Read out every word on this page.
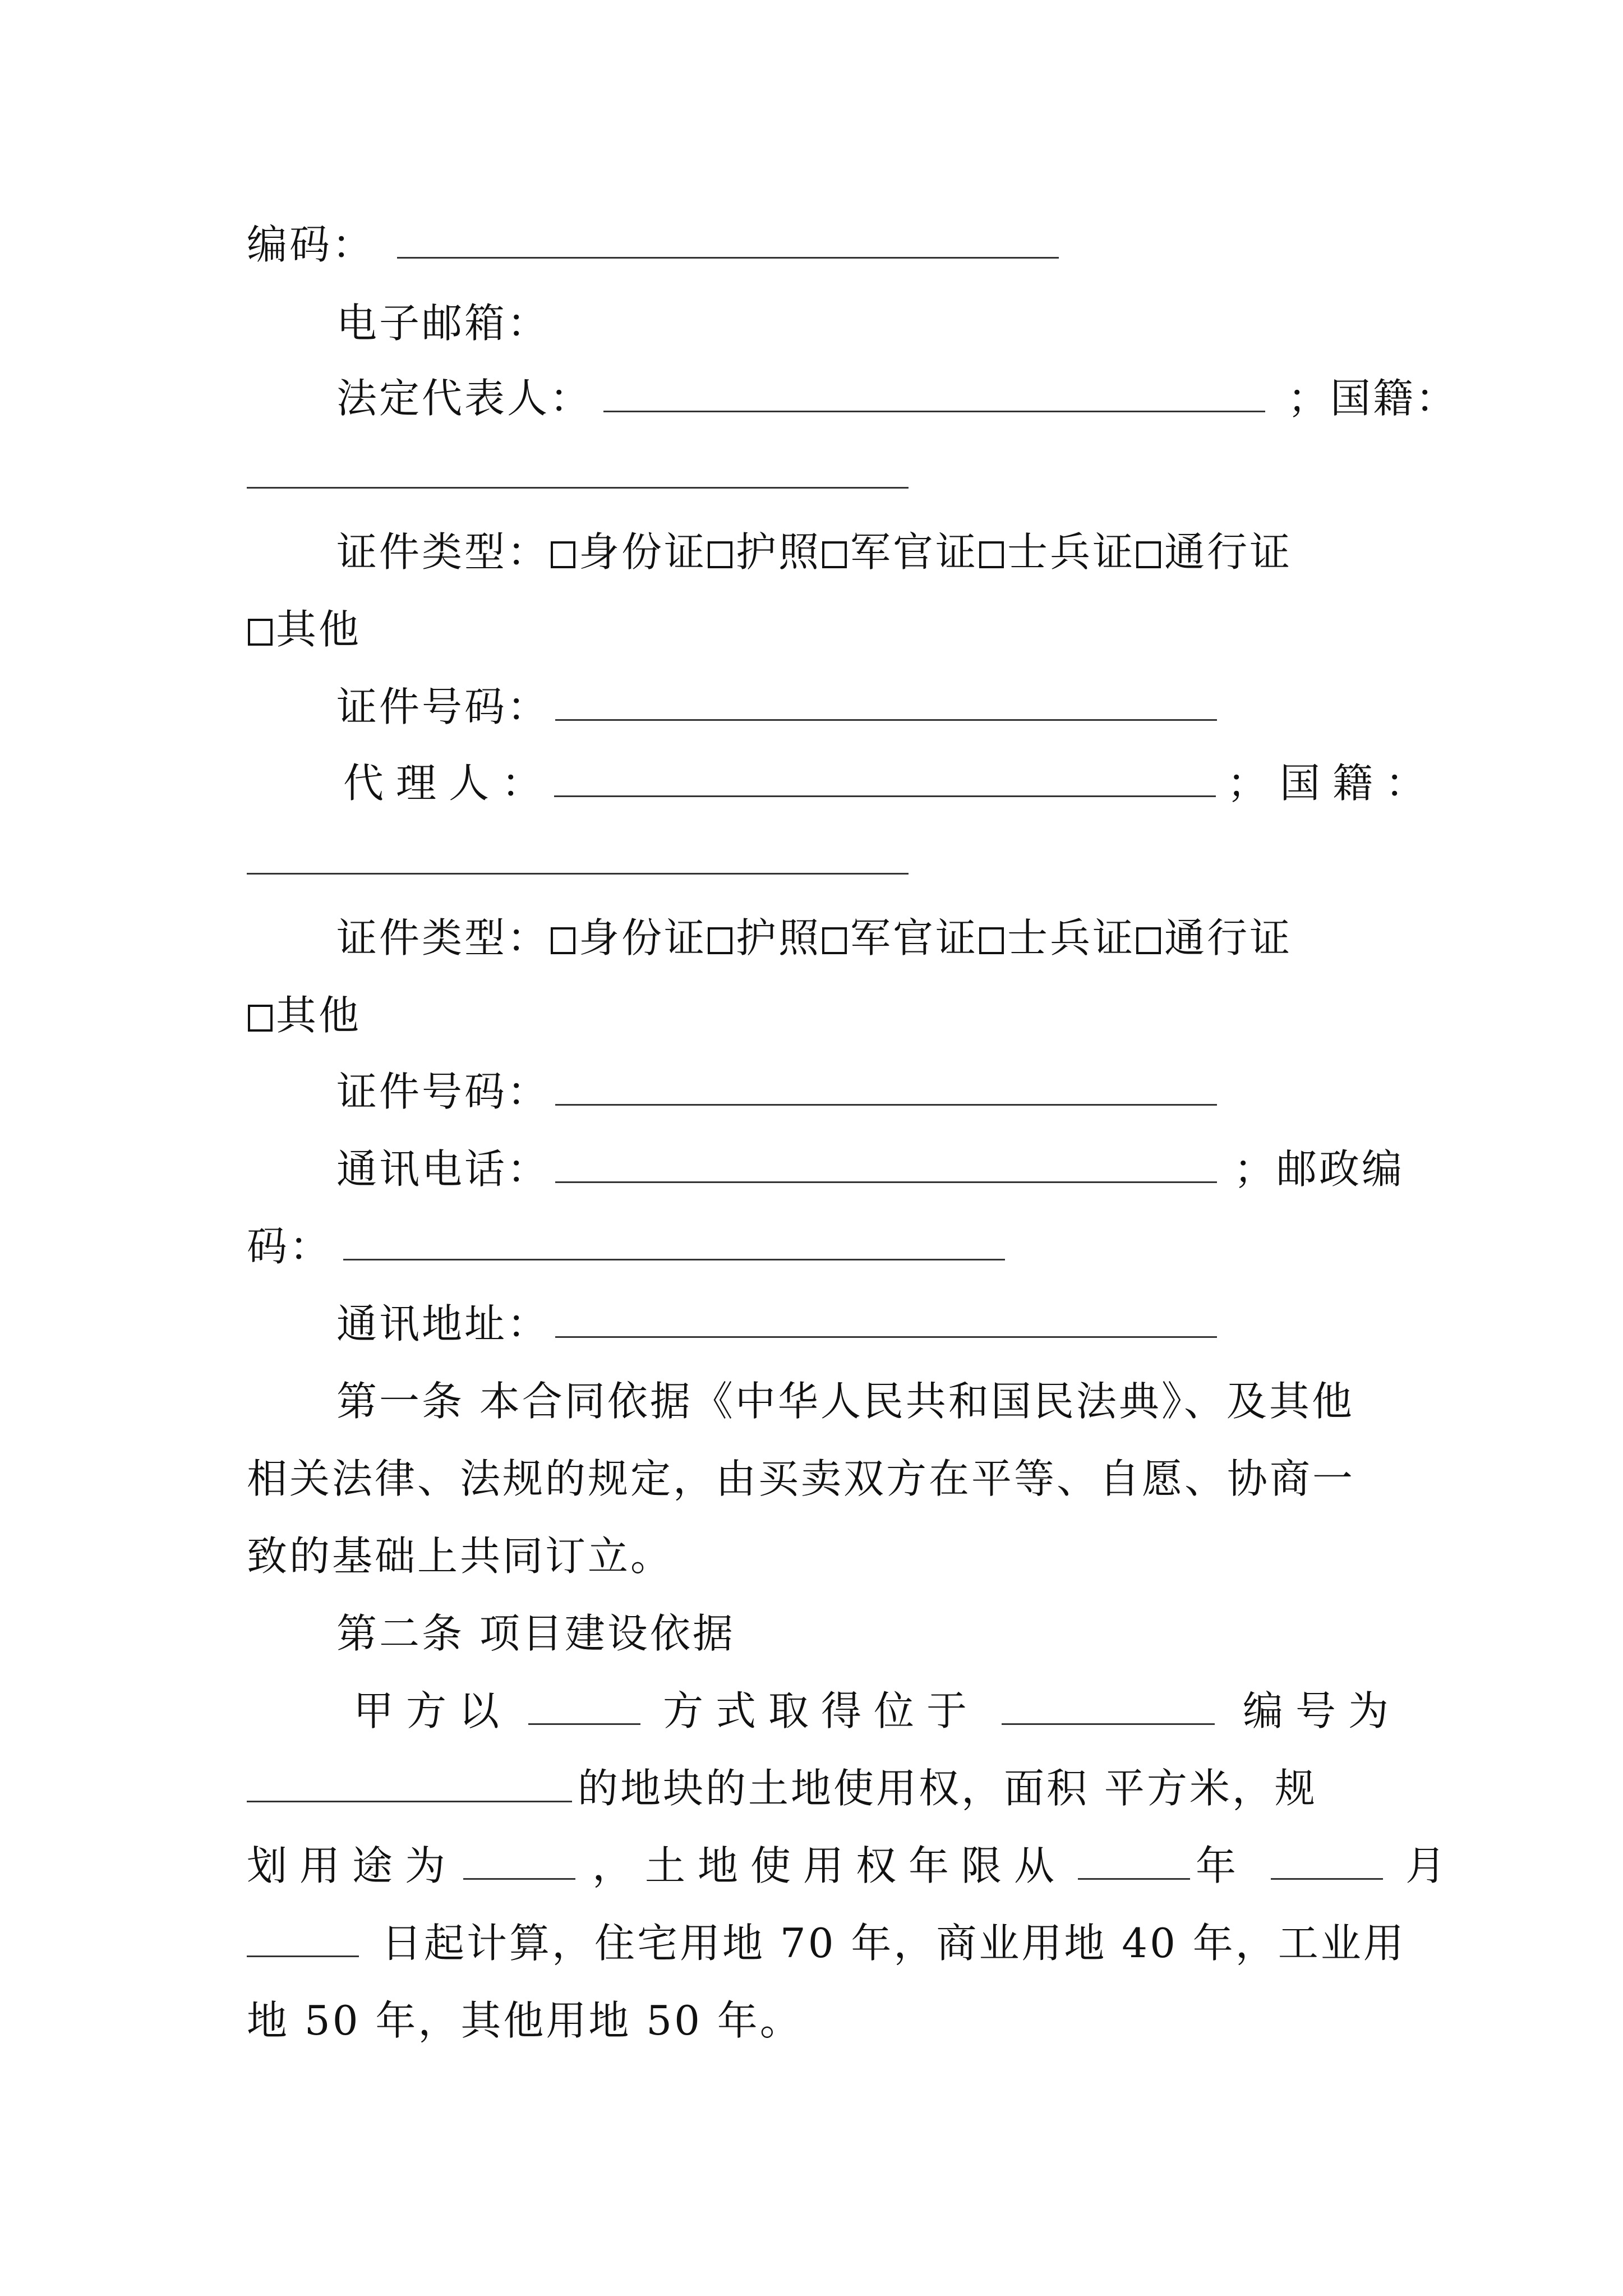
编码：
电子邮箱：
法定代表人：	；国籍：
证件类型： 身份证 护照 军官证 士兵证 通行证
其他
证件号码：
代理人：	；国籍：
证件类型： 身份证 护照 军官证 士兵证 通行证
其他
证件号码：
通讯电话：	；邮政编
码：
通讯地址：
第一条 本合同依据《中华人民共和国民法典》、及其他
相关法律、法规的规定，由买卖双方在平等、自愿、协商一
致的基础上共同订立。
第二条 项目建设依据
甲方以	方式取得位于	编号为
的地块的土地使用权，面积 平方米，规
划用途为	，土地使用权年限从	年	月
日起计算，住宅用地 70 年，商业用地 40 年，工业用
地 50 年，其他用地 50 年。
